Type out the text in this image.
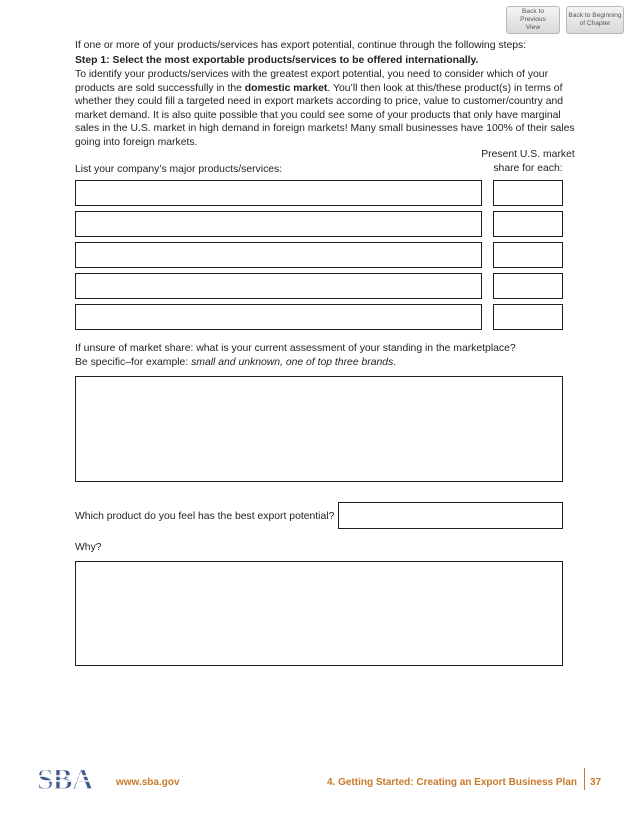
Back to Previous View
Back to Beginning of Chapter
If one or more of your products/services has export potential, continue through the following steps:
Step 1: Select the most exportable products/services to be offered internationally.
To identify your products/services with the greatest export potential, you need to consider which of your products are sold successfully in the domestic market. You’ll then look at this/these product(s) in terms of whether they could fill a targeted need in export markets according to price, value to customer/country and market demand. It is also quite possible that you could see some of your products that only have marginal sales in the U.S. market in high demand in foreign markets! Many small businesses have 100% of their sales going into foreign markets.
List your company’s major products/services:
Present U.S. market share for each:
If unsure of market share: what is your current assessment of your standing in the marketplace?
Be specific–for example: small and unknown, one of top three brands.
Which product do you feel has the best export potential?
Why?
SBA www.sba.gov	4. Getting Started: Creating an Export Business Plan 37
